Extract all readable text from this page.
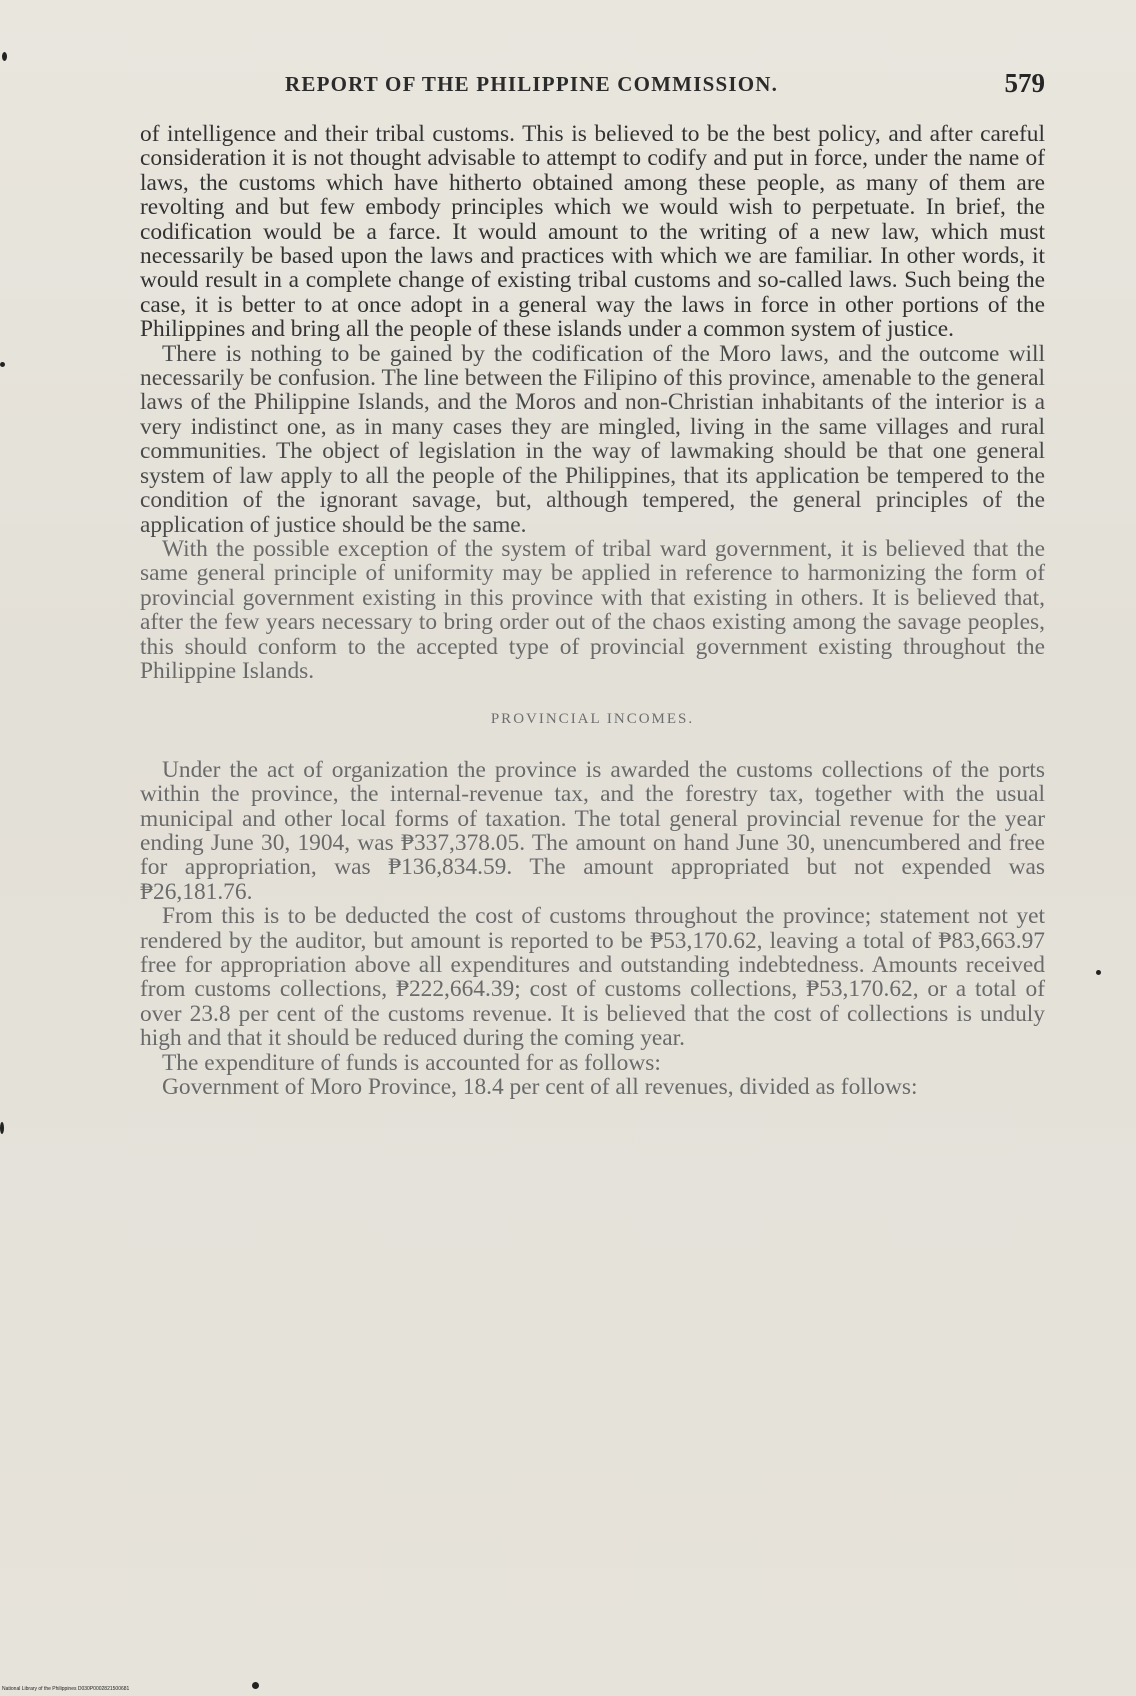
REPORT OF THE PHILIPPINE COMMISSION.	579

of intelligence and their tribal customs. This is believed to be the best policy, and after careful consideration it is not thought advisable to attempt to codify and put in force, under the name of laws, the customs which have hitherto obtained among these people, as many of them are revolting and but few embody principles which we would wish to perpetuate. In brief, the codification would be a farce. It would amount to the writing of a new law, which must necessarily be based upon the laws and practices with which we are familiar. In other words, it would result in a complete change of existing tribal customs and so-called laws. Such being the case, it is better to at once adopt in a general way the laws in force in other portions of the Philippines and bring all the people of these islands under a common system of justice.

There is nothing to be gained by the codification of the Moro laws, and the outcome will necessarily be confusion. The line between the Filipino of this province, amenable to the general laws of the Philippine Islands, and the Moros and non-Christian inhabitants of the interior is a very indistinct one, as in many cases they are mingled, living in the same villages and rural communities. The object of legislation in the way of lawmaking should be that one general system of law apply to all the people of the Philippines, that its application be tempered to the condition of the ignorant savage, but, although tempered, the general principles of the application of justice should be the same.

With the possible exception of the system of tribal ward government, it is believed that the same general principle of uniformity may be applied in reference to harmonizing the form of provincial government existing in this province with that existing in others. It is believed that, after the few years necessary to bring order out of the chaos existing among the savage peoples, this should conform to the accepted type of provincial government existing throughout the Philippine Islands.

PROVINCIAL INCOMES.

Under the act of organization the province is awarded the customs collections of the ports within the province, the internal-revenue tax, and the forestry tax, together with the usual municipal and other local forms of taxation. The total general provincial revenue for the year ending June 30, 1904, was ₱337,378.05. The amount on hand June 30, unencumbered and free for appropriation, was ₱136,834.59. The amount appropriated but not expended was ₱26,181.76.

From this is to be deducted the cost of customs throughout the province; statement not yet rendered by the auditor, but amount is reported to be ₱53,170.62, leaving a total of ₱83,663.97 free for appropriation above all expenditures and outstanding indebtedness. Amounts received from customs collections, ₱222,664.39; cost of customs collections, ₱53,170.62, or a total of over 23.8 per cent of the customs revenue. It is believed that the cost of collections is unduly high and that it should be reduced during the coming year.

The expenditure of funds is accounted for as follows:

Government of Moro Province, 18.4 per cent of all revenues, divided as follows:

National Library of the Philippines D030P0002821500681
